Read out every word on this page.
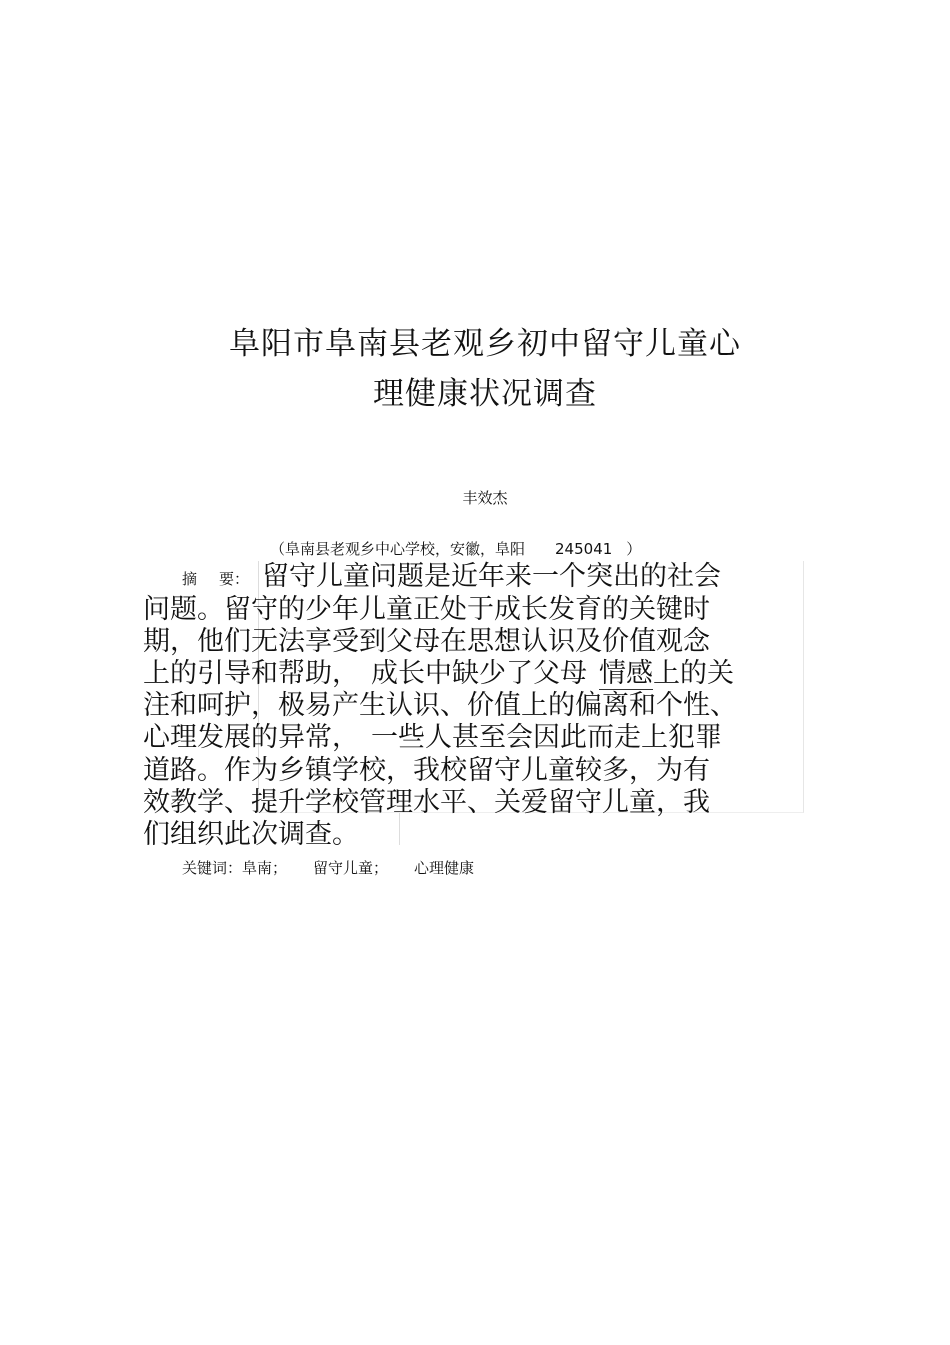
阜阳市阜南县老观乡初中留守儿童心
理健康状况调查
丰效杰
（阜南县老观乡中心学校，安徽，阜阳 245041 ）
摘 要： 留守儿童问题是近年来一个突出的社会
问题。留守的少年儿童正处于成长发育的关键时
期，他们无法享受到父母在思想认识及价值观念
上的引导和帮助， 成长中缺少了父母 情感上的关
注和呵护，极易产生认识、价值上的偏离和个性、
心理发展的异常， 一些人甚至会因此而走上犯罪
道路。作为乡镇学校，我校留守儿童较多，为有
效教学、提升学校管理水平、关爱留守儿童，我
们组织此次调查。
关键词：阜南； 留守儿童； 心理健康
